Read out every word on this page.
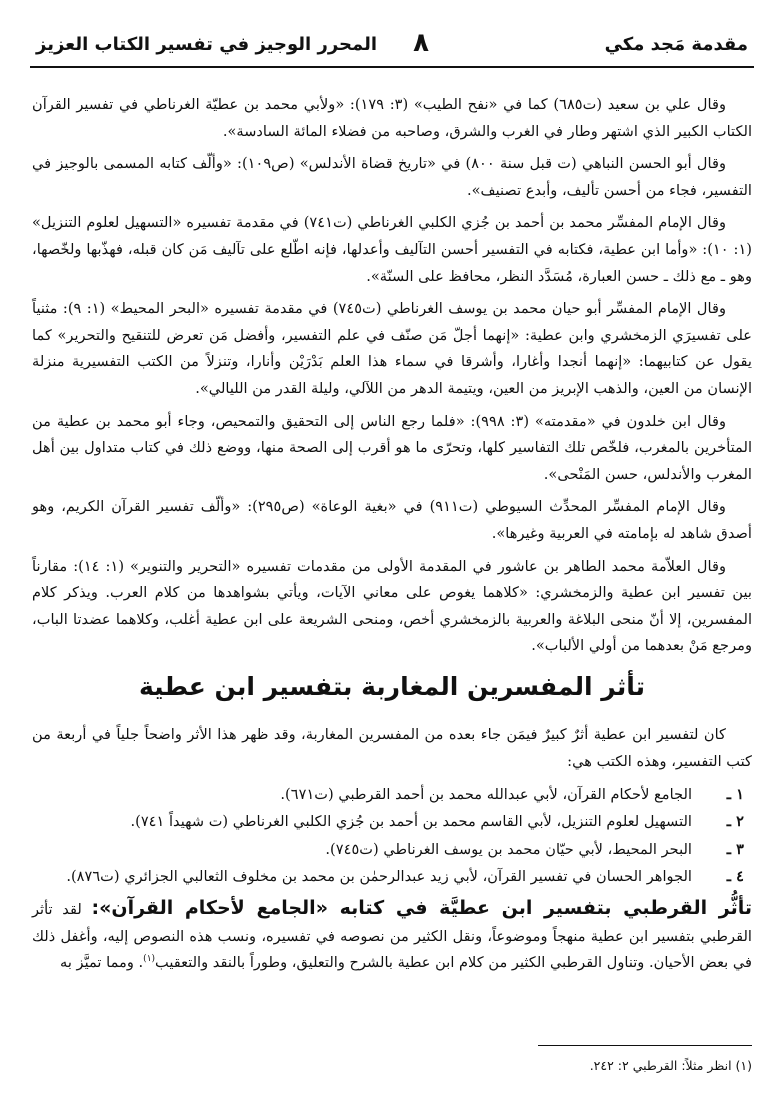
مقدمة مَجد مكي
٨
المحرر الوجيز في تفسير الكتاب العزيز

وقال علي بن سعيد (ت٦٨٥) كما في «نفح الطيب» (٣: ١٧٩): «ولأبي محمد بن عطيّة الغرناطي في تفسير القرآن الكتاب الكبير الذي اشتهر وطار في الغرب والشرق، وصاحبه من فضلاء المائة السادسة».

وقال أبو الحسن النباهي (ت قبل سنة ٨٠٠) في «تاريخ قضاة الأندلس» (ص١٠٩): «وألّف كتابه المسمى بالوجيز في التفسير، فجاء من أحسن تأليف، وأبدع تصنيف».

وقال الإمام المفسِّر محمد بن أحمد بن جُزي الكلبي الغرناطي (ت٧٤١) في مقدمة تفسيره «التسهيل لعلوم التنزيل» (١: ١٠): «وأما ابن عطية، فكتابه في التفسير أحسن التآليف وأعدلها، فإنه اطّلع على تآليف مَن كان قبله، فهذّبها ولخّصها، وهو ـ مع ذلك ـ حسن العبارة، مُسَدَّد النظر، محافظ على السنّة».

وقال الإمام المفسِّر أبو حيان محمد بن يوسف الغرناطي (ت٧٤٥) في مقدمة تفسيره «البحر المحيط» (١: ٩): مثنياً على تفسيرَي الزمخشري وابن عطية: «إنهما أجلّ مَن صنّف في علم التفسير، وأفضل مَن تعرض للتنقيح والتحرير» كما يقول عن كتابيهما: «إنهما أنجدا وأغارا، وأشرقا في سماء هذا العلم بَدْرَيْن وأنارا، وتنزلاً من الكتب التفسيرية منزلة الإنسان من العين، والذهب الإبريز من العين، ويتيمة الدهر من اللآلي، وليلة القدر من الليالي».

وقال ابن خلدون في «مقدمته» (٣: ٩٩٨): «فلما رجع الناس إلى التحقيق والتمحيص، وجاء أبو محمد بن عطية من المتأخرين بالمغرب، فلخّص تلك التفاسير كلها، وتحرّى ما هو أقرب إلى الصحة منها، ووضع ذلك في كتاب متداول بين أهل المغرب والأندلس، حسن المَنْحى».

وقال الإمام المفسِّر المحدِّث السيوطي (ت٩١١) في «بغية الوعاة» (ص٢٩٥): «وألّف تفسير القرآن الكريم، وهو أصدق شاهد له بإمامته في العربية وغيرها».

وقال العلاّمة محمد الطاهر بن عاشور في المقدمة الأولى من مقدمات تفسيره «التحرير والتنوير» (١: ١٤): مقارناً بين تفسير ابن عطية والزمخشري: «كلاهما يغوص على معاني الآيات، ويأتي بشواهدها من كلام العرب. ويذكر كلام المفسرين، إلا أنّ منحى البلاغة والعربية بالزمخشري أخص، ومنحى الشريعة على ابن عطية أغلب، وكلاهما عضدتا الباب، ومرجع مَنْ بعدهما من أولي الألباب».

تأثر المفسرين المغاربة بتفسير ابن عطية

كان لتفسير ابن عطية أثرٌ كبيرٌ فيمَن جاء بعده من المفسرين المغاربة، وقد ظهر هذا الأثر واضحاً جلياً في أربعة من كتب التفسير، وهذه الكتب هي:

١ ـ
الجامع لأحكام القرآن، لأبي عبدالله محمد بن أحمد القرطبي (ت٦٧١).
٢ ـ
التسهيل لعلوم التنزيل، لأبي القاسم محمد بن أحمد بن جُزي الكلبي الغرناطي (ت شهيداً ٧٤١).
٣ ـ
البحر المحيط، لأبي حيّان محمد بن يوسف الغرناطي (ت٧٤٥).
٤ ـ
الجواهر الحسان في تفسير القرآن، لأبي زيد عبدالرحمٰن بن محمد بن مخلوف الثعالبي الجزائري (ت٨٧٦).

تأثُّر القرطبي بتفسير ابن عطيَّة في كتابه «الجامع لأحكام القرآن»: لقد تأثر القرطبي بتفسير ابن عطية منهجاً وموضوعاً، ونقل الكثير من نصوصه في تفسيره، ونسب هذه النصوص إليه، وأغفل ذلك في بعض الأحيان. وتناول القرطبي الكثير من كلام ابن عطية بالشرح والتعليق، وطوراً بالنقد والتعقيب$^{(١)}$. ومما تميَّز به

(١) انظر مثلاً: القرطبي ٢: ٢٤٢.
